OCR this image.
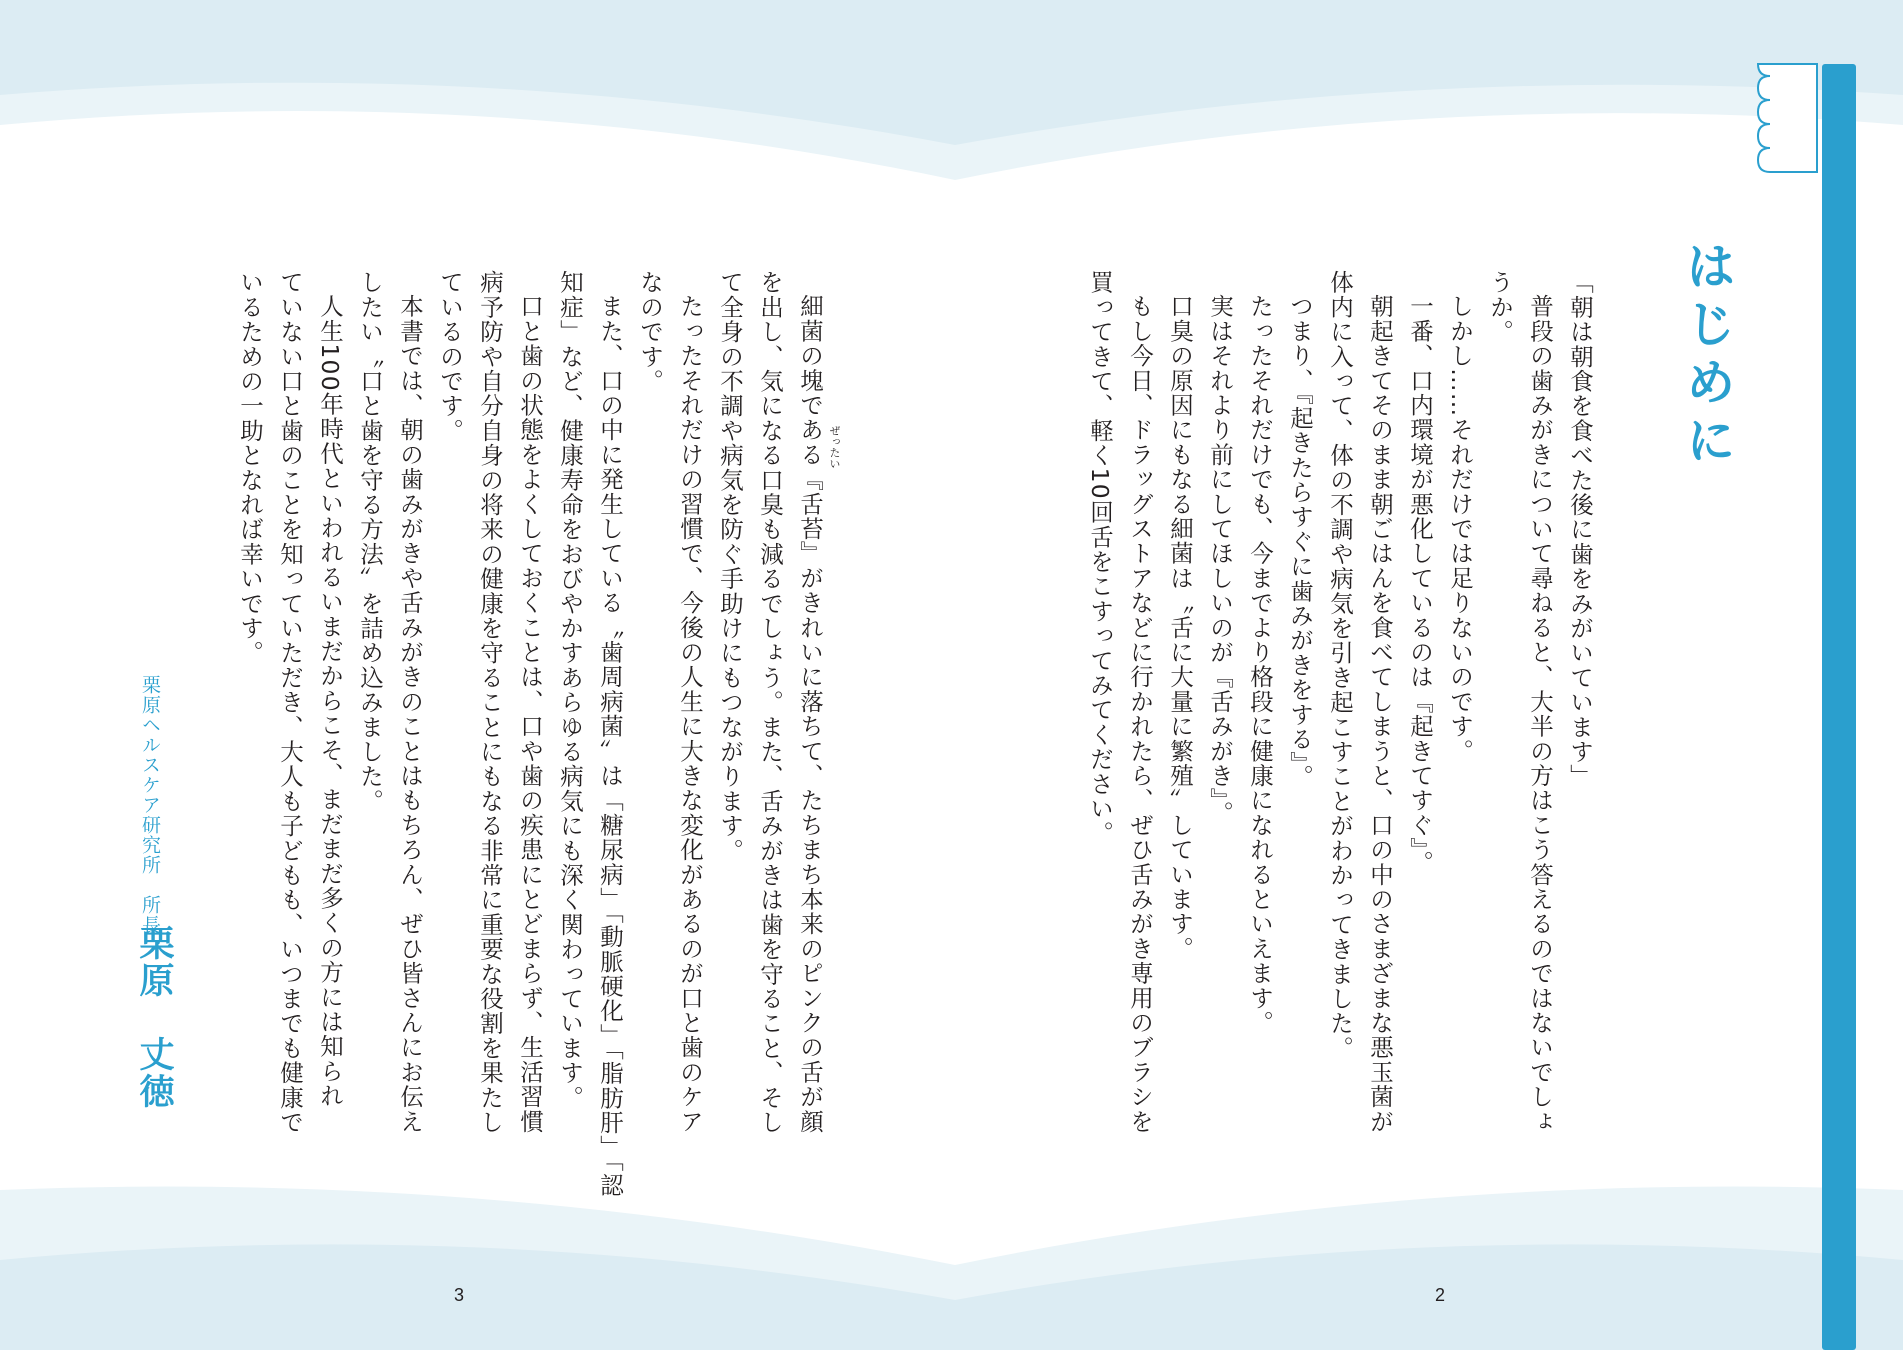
はじめに
「朝は朝食を食べた後に歯をみがいています」
普段の歯みがきについて尋ねると、大半の方はこう答えるのではないでしょ
うか。
しかし……それだけでは足りないのです。
一番、口内環境が悪化しているのは『起きてすぐ』。
朝起きてそのまま朝ごはんを食べてしまうと、口の中のさまざまな悪玉菌が
体内に入って、体の不調や病気を引き起こすことがわかってきました。
つまり、『起きたらすぐに歯みがきをする』。
たったそれだけでも、今までより格段に健康になれるといえます。
実はそれより前にしてほしいのが『舌みがき』。
口臭の原因にもなる細菌は〝舌に大量に繁殖〟しています。
もし今日、ドラッグストアなどに行かれたら、ぜひ舌みがき専用のブラシを
買ってきて、軽く10回舌をこすってみてください。
ぜったい
細菌の塊である『舌苔』がきれいに落ちて、たちまち本来のピンクの舌が顔
を出し、気になる口臭も減るでしょう。また、舌みがきは歯を守ること、そし
て全身の不調や病気を防ぐ手助けにもつながります。
たったそれだけの習慣で、今後の人生に大きな変化があるのが口と歯のケア
なのです。
また、口の中に発生している〝歯周病菌〟は「糖尿病」「動脈硬化」「脂肪肝」「認
知症」など、健康寿命をおびやかすあらゆる病気にも深く関わっています。
口と歯の状態をよくしておくことは、口や歯の疾患にとどまらず、生活習慣
病予防や自分自身の将来の健康を守ることにもなる非常に重要な役割を果たし
ているのです。
本書では、朝の歯みがきや舌みがきのことはもちろん、ぜひ皆さんにお伝え
したい〝口と歯を守る方法〟を詰め込みました。
人生100年時代といわれるいまだからこそ、まだまだ多くの方には知られ
ていない口と歯のことを知っていただき、大人も子どもも、いつまでも健康で
いるための一助となれば幸いです。
栗原ヘルスケア研究所　所長
栗原　丈徳
3	2
